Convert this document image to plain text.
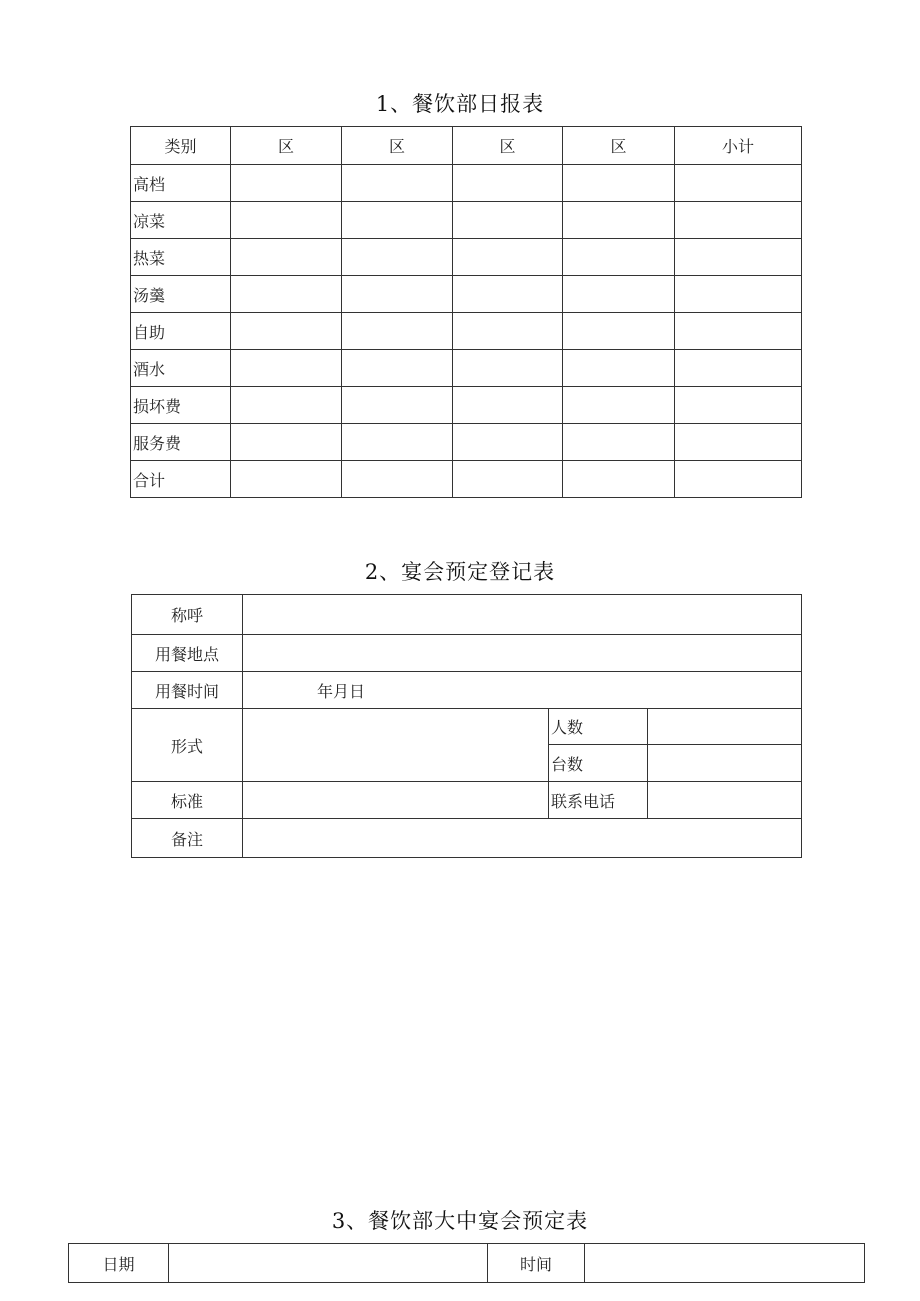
1、餐饮部日报表
类别	区	区	区	区	小计
高档					
凉菜					
热菜					
汤羹					
自助					
酒水					
损坏费					
服务费					
合计					
2、宴会预定登记表
称呼			
用餐地点			
用餐时间	年月日		
形式		人数	
		台数	
标准		联系电话	
备注			
3、餐饮部大中宴会预定表
日期		时间	
